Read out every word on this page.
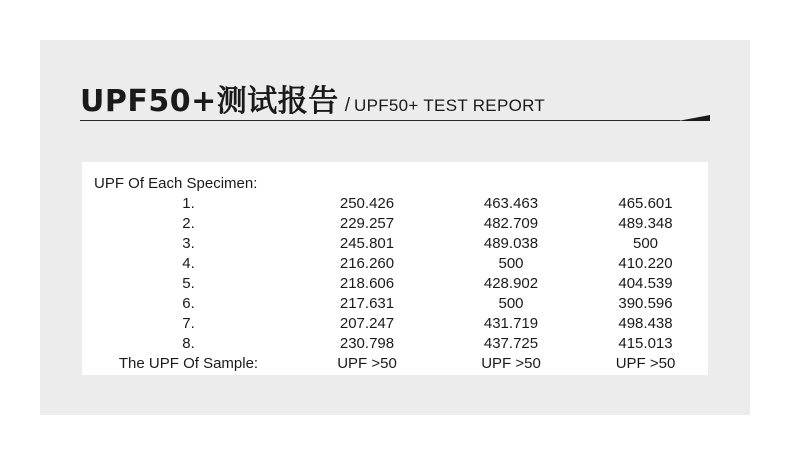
UPF50+测试报告 / UPF50+ TEST REPORT
UPF Of Each Specimen:			
1.	250.426	463.463	465.601
2.	229.257	482.709	489.348
3.	245.801	489.038	500
4.	216.260	500	410.220
5.	218.606	428.902	404.539
6.	217.631	500	390.596
7.	207.247	431.719	498.438
8.	230.798	437.725	415.013
The UPF Of Sample:	UPF >50	UPF >50	UPF >50
